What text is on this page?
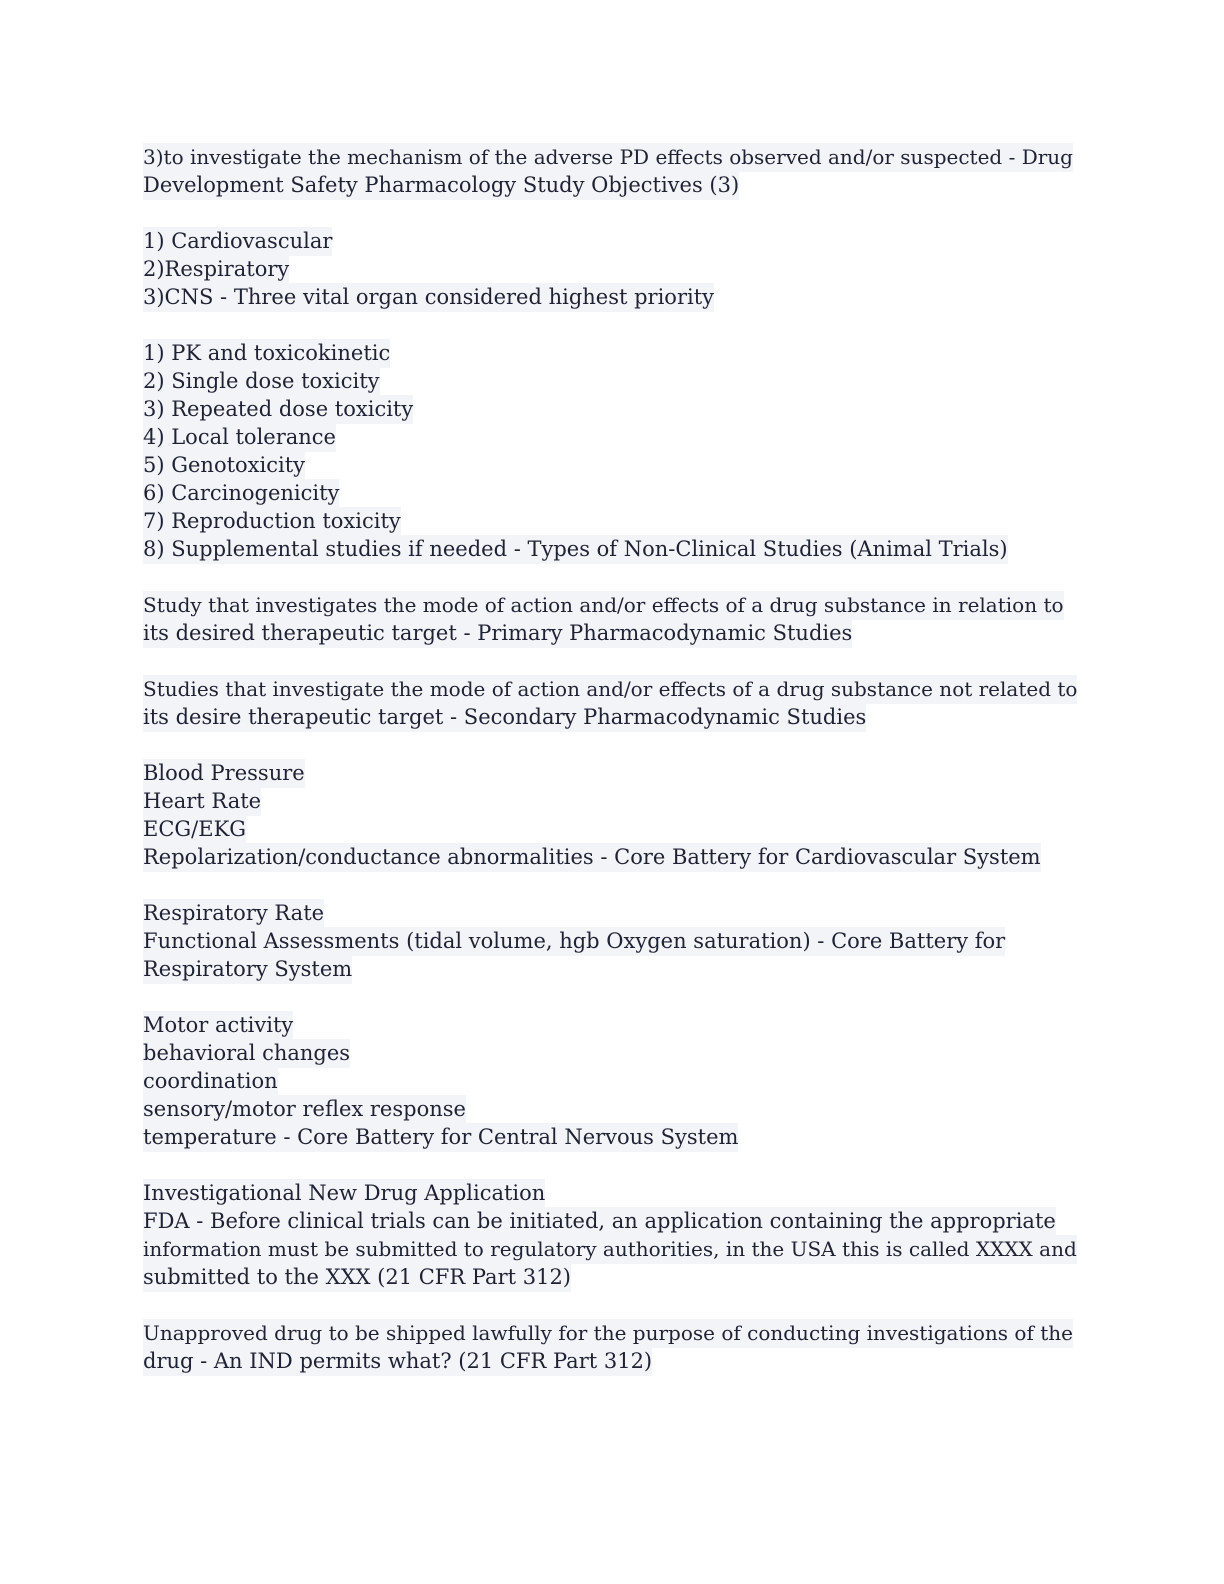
3)to investigate the mechanism of the adverse PD effects observed and/or suspected - Drug
Development Safety Pharmacology Study Objectives (3)
1) Cardiovascular
2)Respiratory
3)CNS - Three vital organ considered highest priority
1) PK and toxicokinetic
2) Single dose toxicity
3) Repeated dose toxicity
4) Local tolerance
5) Genotoxicity
6) Carcinogenicity
7) Reproduction toxicity
8) Supplemental studies if needed - Types of Non-Clinical Studies (Animal Trials)
Study that investigates the mode of action and/or effects of a drug substance in relation to
its desired therapeutic target - Primary Pharmacodynamic Studies
Studies that investigate the mode of action and/or effects of a drug substance not related to
its desire therapeutic target - Secondary Pharmacodynamic Studies
Blood Pressure
Heart Rate
ECG/EKG
Repolarization/conductance abnormalities - Core Battery for Cardiovascular System
Respiratory Rate
Functional Assessments (tidal volume, hgb Oxygen saturation) - Core Battery for
Respiratory System
Motor activity
behavioral changes
coordination
sensory/motor reflex response
temperature - Core Battery for Central Nervous System
Investigational New Drug Application
FDA - Before clinical trials can be initiated, an application containing the appropriate
information must be submitted to regulatory authorities, in the USA this is called XXXX and
submitted to the XXX (21 CFR Part 312)
Unapproved drug to be shipped lawfully for the purpose of conducting investigations of the
drug - An IND permits what? (21 CFR Part 312)
